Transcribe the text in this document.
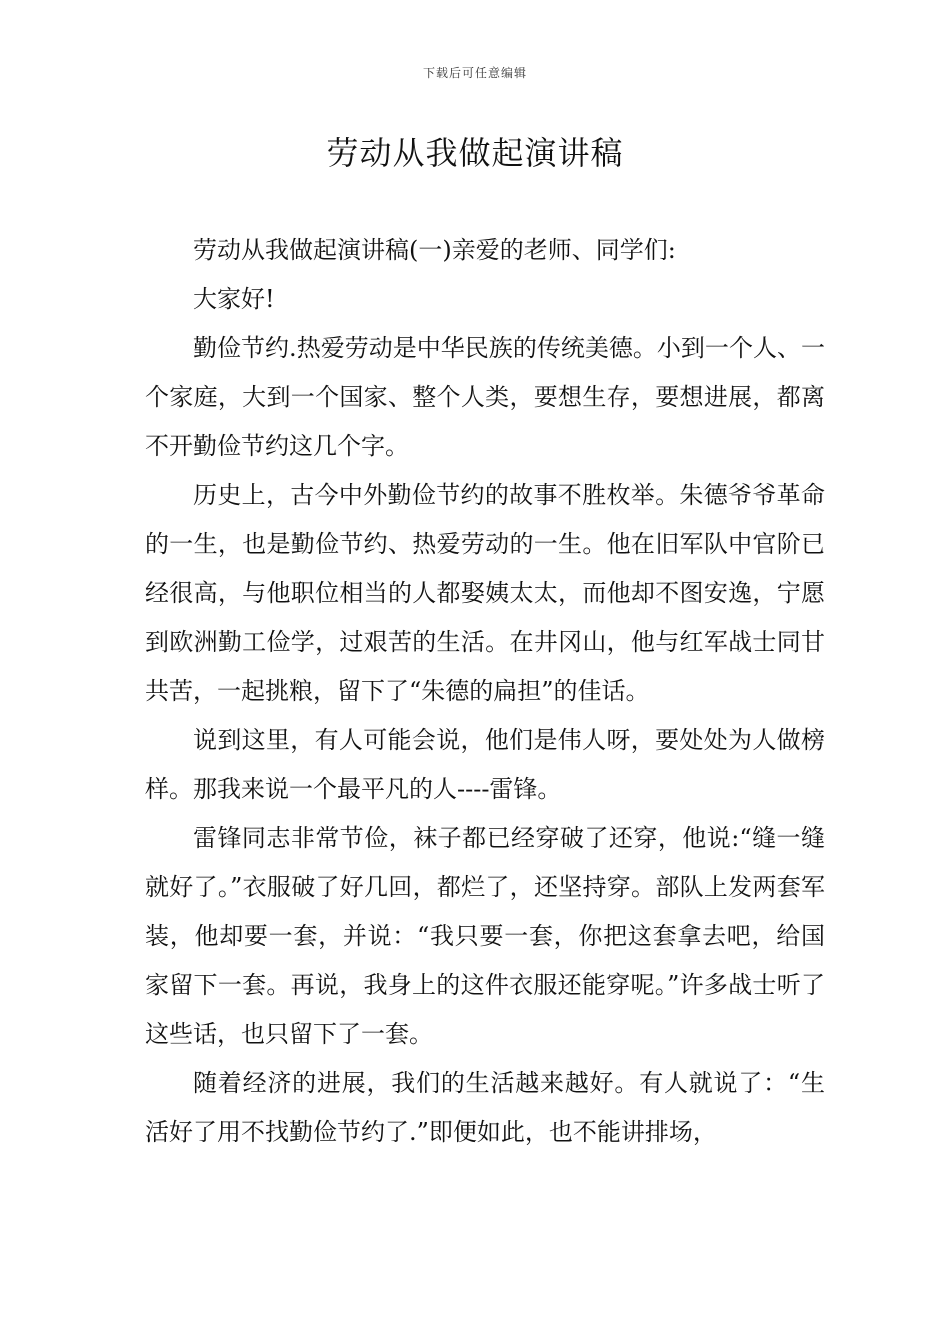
下载后可任意编辑
劳动从我做起演讲稿

劳动从我做起演讲稿(一)亲爱的老师、同学们:

大家好!

勤俭节约.热爱劳动是中华民族的传统美德。小到一个人、一个家庭，大到一个国家、整个人类，要想生存，要想进展，都离不开勤俭节约这几个字。

历史上，古今中外勤俭节约的故事不胜枚举。朱德爷爷革命的一生，也是勤俭节约、热爱劳动的一生。他在旧军队中官阶已经很高，与他职位相当的人都娶姨太太，而他却不图安逸，宁愿到欧洲勤工俭学，过艰苦的生活。在井冈山，他与红军战士同甘共苦，一起挑粮，留下了“朱德的扁担”的佳话。

说到这里，有人可能会说，他们是伟人呀，要处处为人做榜样。那我来说一个最平凡的人----雷锋。

雷锋同志非常节俭，袜子都已经穿破了还穿，他说:“缝一缝就好了。”衣服破了好几回，都烂了，还坚持穿。部队上发两套军装，他却要一套，并说：“我只要一套，你把这套拿去吧，给国家留下一套。再说，我身上的这件衣服还能穿呢。”许多战士听了这些话，也只留下了一套。

随着经济的进展，我们的生活越来越好。有人就说了：“生活好了用不找勤俭节约了.”即便如此，也不能讲排场，
